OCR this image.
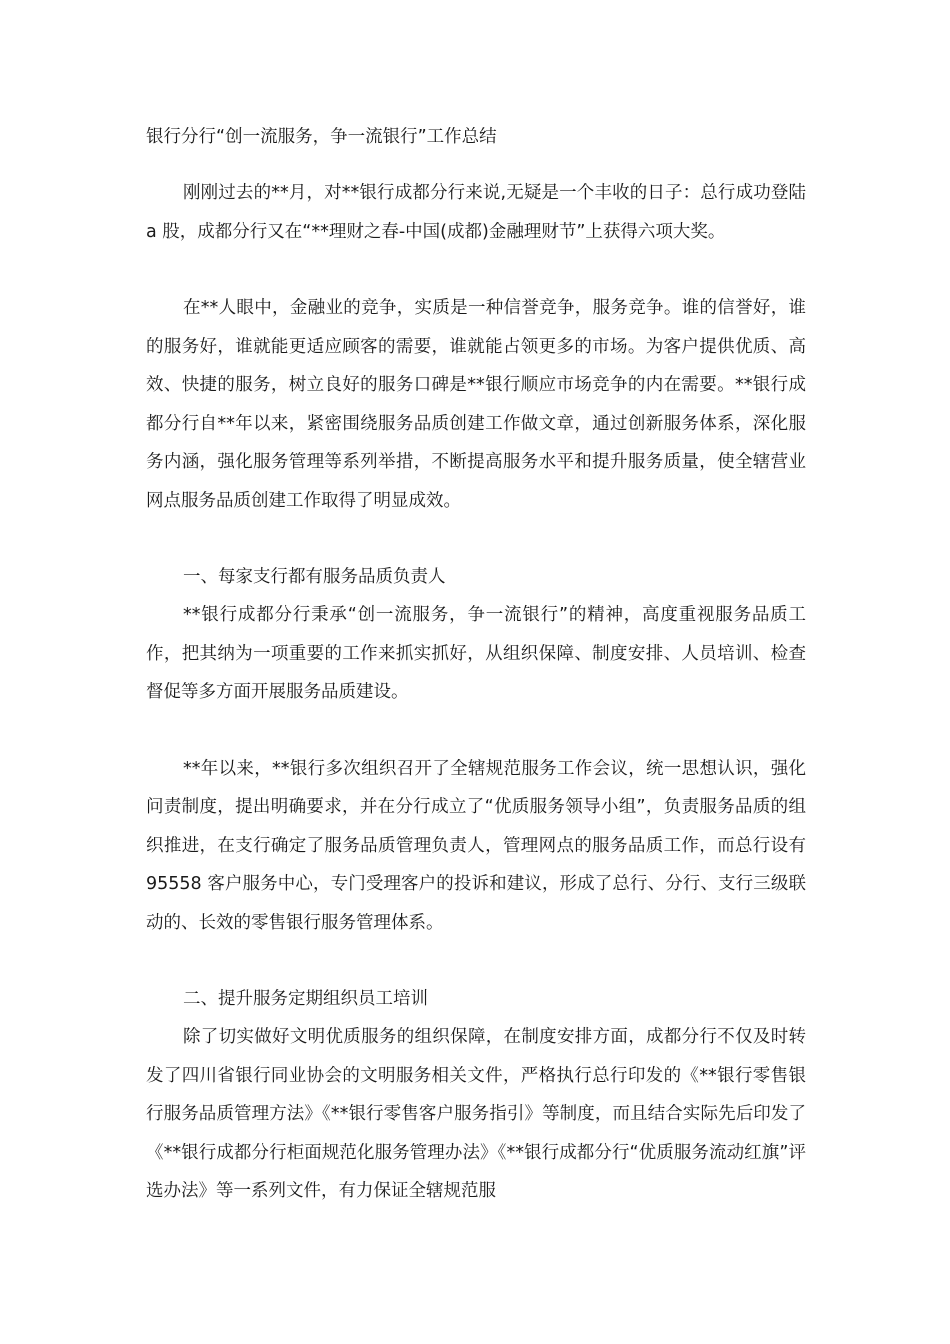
银行分行“创一流服务，争一流银行”工作总结

刚刚过去的**月，对**银行成都分行来说,无疑是一个丰收的日子：总行成功登陆 a 股，成都分行又在“**理财之春-中国(成都)金融理财节”上获得六项大奖。

在**人眼中，金融业的竞争，实质是一种信誉竞争，服务竞争。谁的信誉好，谁的服务好，谁就能更适应顾客的需要，谁就能占领更多的市场。为客户提供优质、高效、快捷的服务，树立良好的服务口碑是**银行顺应市场竞争的内在需要。**银行成都分行自**年以来，紧密围绕服务品质创建工作做文章，通过创新服务体系，深化服务内涵，强化服务管理等系列举措，不断提高服务水平和提升服务质量，使全辖营业网点服务品质创建工作取得了明显成效。

一、每家支行都有服务品质负责人

**银行成都分行秉承“创一流服务，争一流银行”的精神，高度重视服务品质工作，把其纳为一项重要的工作来抓实抓好，从组织保障、制度安排、人员培训、检查督促等多方面开展服务品质建设。

**年以来，**银行多次组织召开了全辖规范服务工作会议，统一思想认识，强化问责制度，提出明确要求，并在分行成立了“优质服务领导小组”，负责服务品质的组织推进，在支行确定了服务品质管理负责人，管理网点的服务品质工作，而总行设有 95558 客户服务中心，专门受理客户的投诉和建议，形成了总行、分行、支行三级联动的、长效的零售银行服务管理体系。

二、提升服务定期组织员工培训

除了切实做好文明优质服务的组织保障，在制度安排方面，成都分行不仅及时转发了四川省银行同业协会的文明服务相关文件，严格执行总行印发的《**银行零售银行服务品质管理方法》《**银行零售客户服务指引》等制度，而且结合实际先后印发了《**银行成都分行柜面规范化服务管理办法》《**银行成都分行“优质服务流动红旗”评选办法》等一系列文件，有力保证全辖规范服
